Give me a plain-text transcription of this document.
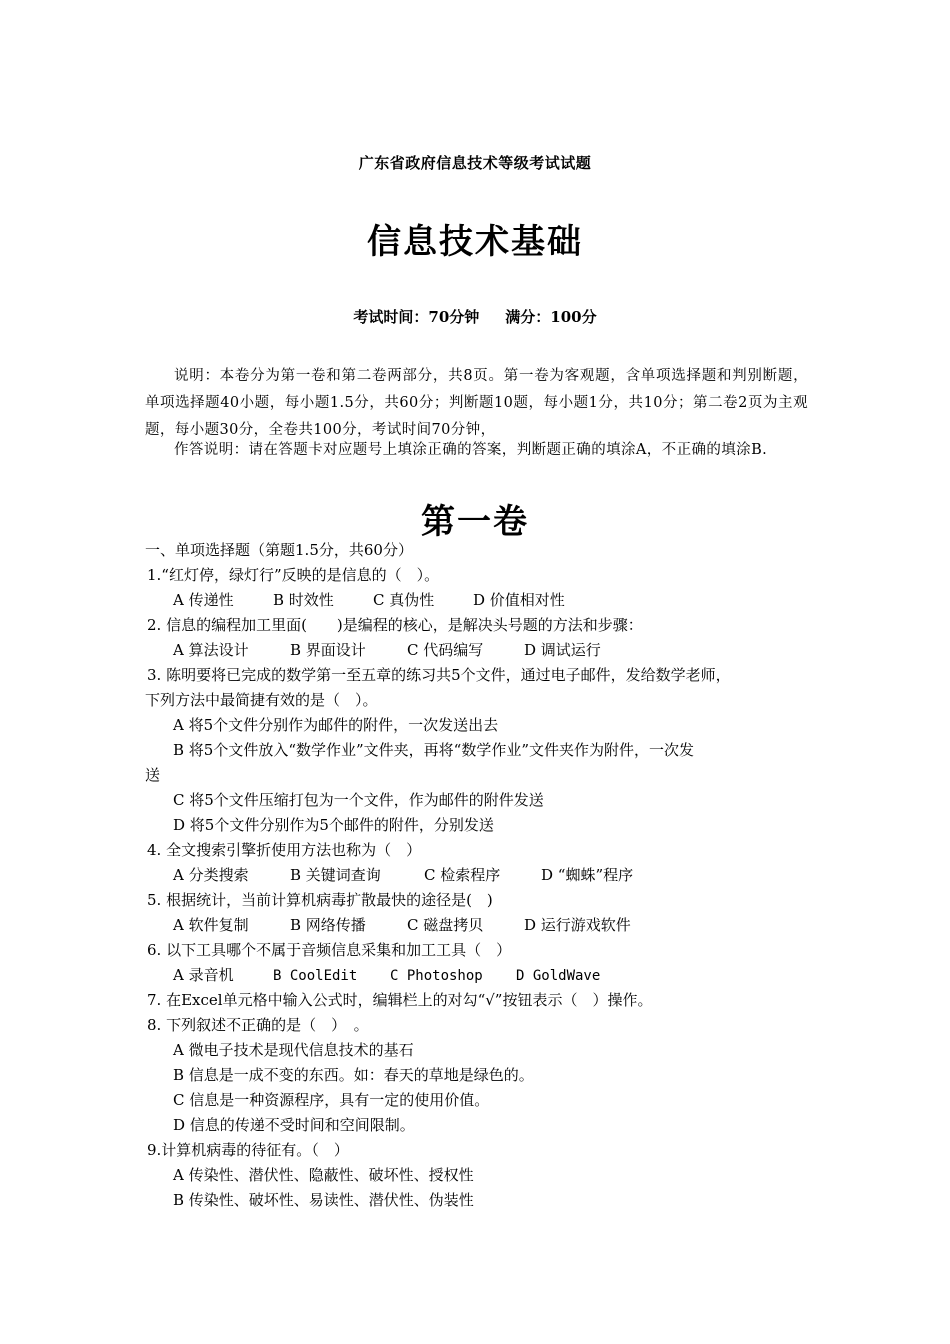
广东省政府信息技术等级考试试题
信息技术基础
考试时间：70分钟 满分：100分
说明：本卷分为第一卷和第二卷两部分，共8页。第一卷为客观题，含单项选择题和判别断题，单项选择题40小题，每小题1.5分，共60分；判断题10题，每小题1分，共10分；第二卷2页为主观题，每小题30分，全卷共100分，考试时间70分钟，
作答说明：请在答题卡对应题号上填涂正确的答案，判断题正确的填涂A，不正确的填涂B.
第一卷
一、单项选择题（第题1.5分，共60分）
1.“红灯停，绿灯行”反映的是信息的（　）。
A 传递性	B 时效性	C 真伪性	D 价值相对性
2. 信息的编程加工里面(　　)是编程的核心，是解决头号题的方法和步骤：
A 算法设计	B 界面设计	C 代码编写	D 调试运行
3. 陈明要将已完成的数学第一至五章的练习共5个文件，通过电子邮件，发给数学老师，
下列方法中最简捷有效的是（　）。
A 将5个文件分别作为邮件的附件，一次发送出去
B 将5个文件放入“数学作业”文件夹，再将“数学作业”文件夹作为附件，一次发
送
C 将5个文件压缩打包为一个文件，作为邮件的附件发送
D 将5个文件分别作为5个邮件的附件，分别发送
4. 全文搜索引擎折使用方法也称为（　）
A 分类搜索	B 关键词查询	C 检索程序	D “蜘蛛”程序
5. 根据统计，当前计算机病毒扩散最快的途径是(　)
A 软件复制	B 网络传播	C 磁盘拷贝	D 运行游戏软件
6. 以下工具哪个不属于音频信息采集和加工工具（　）
A 录音机	B CoolEdit C Photoshop D GoldWave
7. 在Excel单元格中输入公式时，编辑栏上的对勾“√”按钮表示（　）操作。
8. 下列叙述不正确的是（　）　。
A 微电子技术是现代信息技术的基石
B 信息是一成不变的东西。如：春天的草地是绿色的。
C 信息是一种资源程序，具有一定的使用价值。
D 信息的传递不受时间和空间限制。
9.计算机病毒的待征有。（　）
A 传染性、潜伏性、隐蔽性、破坏性、授权性
B 传染性、破坏性、易读性、潜伏性、伪装性
